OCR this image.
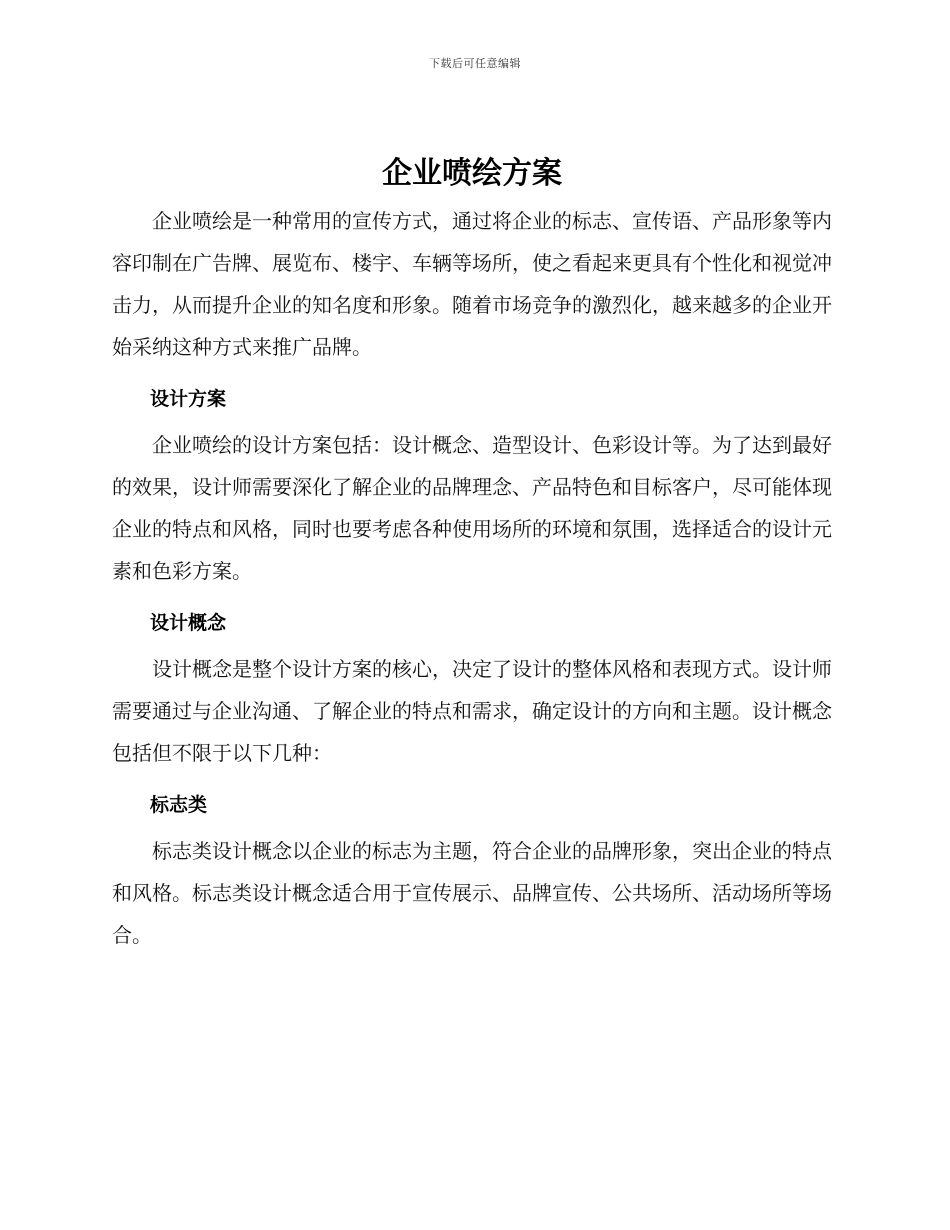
下载后可任意编辑
企业喷绘方案

企业喷绘是一种常用的宣传方式，通过将企业的标志、宣传语、产品形象等内容印制在广告牌、展览布、楼宇、车辆等场所，使之看起来更具有个性化和视觉冲击力，从而提升企业的知名度和形象。随着市场竞争的激烈化，越来越多的企业开始采纳这种方式来推广品牌。

设计方案

企业喷绘的设计方案包括：设计概念、造型设计、色彩设计等。为了达到最好的效果，设计师需要深化了解企业的品牌理念、产品特色和目标客户，尽可能体现企业的特点和风格，同时也要考虑各种使用场所的环境和氛围，选择适合的设计元素和色彩方案。

设计概念

设计概念是整个设计方案的核心，决定了设计的整体风格和表现方式。设计师需要通过与企业沟通、了解企业的特点和需求，确定设计的方向和主题。设计概念包括但不限于以下几种：

标志类

标志类设计概念以企业的标志为主题，符合企业的品牌形象，突出企业的特点和风格。标志类设计概念适合用于宣传展示、品牌宣传、公共场所、活动场所等场合。
